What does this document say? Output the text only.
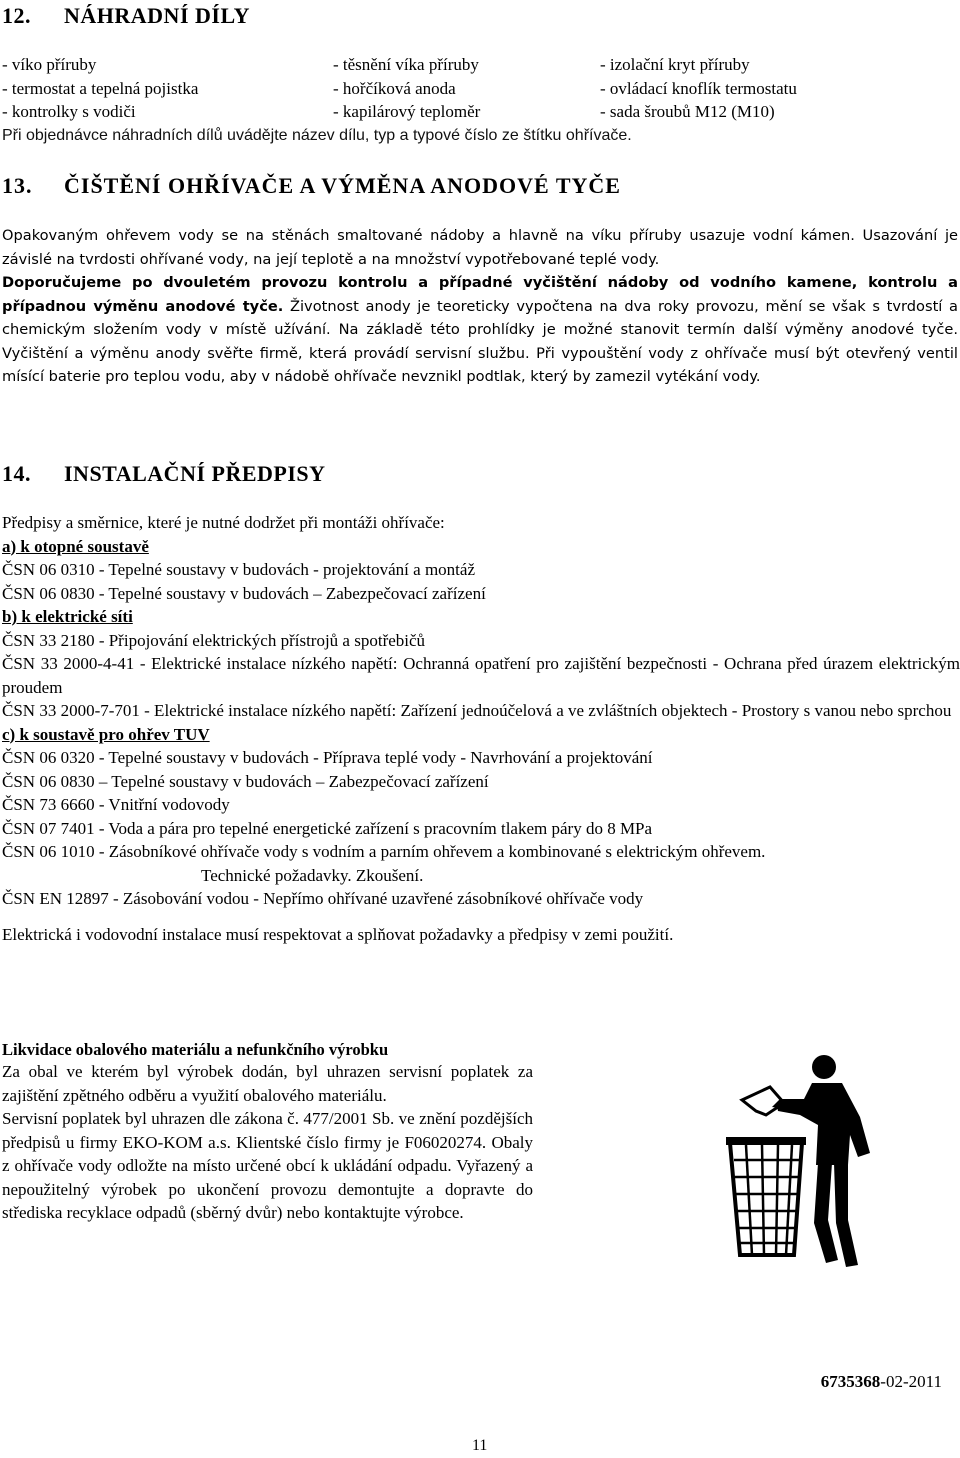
12. NÁHRADNÍ DÍLY
- víko příruby	- těsnění víka příruby	- izolační kryt příruby
- termostat a tepelná pojistka	- hořčíková anoda	- ovládací knoflík termostatu
- kontrolky s vodiči	- kapilárový teploměr	- sada šroubů M12 (M10)
Při objednávce náhradních dílů uvádějte název dílu, typ a typové číslo ze štítku ohřívače.
13. ČIŠTĚNÍ OHŘÍVAČE A VÝMĚNA ANODOVÉ TYČE
Opakovaným ohřevem vody se na stěnách smaltované nádoby a hlavně na víku příruby usazuje vodní kámen. Usazování je závislé na tvrdosti ohřívané vody, na její teplotě a na množství vypotřebované teplé vody.
Doporučujeme po dvouletém provozu kontrolu a případné vyčištění nádoby od vodního kamene, kontrolu a případnou výměnu anodové tyče. Životnost anody je teoreticky vypočtena na dva roky provozu, mění se však s tvrdostí a chemickým složením vody v místě užívání. Na základě této prohlídky je možné stanovit termín další výměny anodové tyče. Vyčištění a výměnu anody svěřte firmě, která provádí servisní službu. Při vypouštění vody z ohřívače musí být otevřený ventil mísící baterie pro teplou vodu, aby v nádobě ohřívače nevznikl podtlak, který by zamezil vytékání vody.
14. INSTALAČNÍ PŘEDPISY
Předpisy a směrnice, které je nutné dodržet při montáži ohřívače:
a) k otopné soustavě
ČSN 06 0310 - Tepelné soustavy v budovách - projektování a montáž
ČSN 06 0830 - Tepelné soustavy v budovách – Zabezpečovací zařízení
b) k elektrické síti
ČSN 33 2180 - Připojování elektrických přístrojů a spotřebičů
ČSN 33 2000-4-41 - Elektrické instalace nízkého napětí: Ochranná opatření pro zajištění bezpečnosti - Ochrana před úrazem elektrickým proudem
ČSN 33 2000-7-701 - Elektrické instalace nízkého napětí: Zařízení jednoúčelová a ve zvláštních objektech - Prostory s vanou nebo sprchou
c) k soustavě pro ohřev TUV
ČSN 06 0320 - Tepelné soustavy v budovách - Příprava teplé vody - Navrhování a projektování
ČSN 06 0830 – Tepelné soustavy v budovách – Zabezpečovací zařízení
ČSN 73 6660 - Vnitřní vodovody
ČSN 07 7401 - Voda a pára pro tepelné energetické zařízení s pracovním tlakem páry do 8 MPa
ČSN 06 1010 - Zásobníkové ohřívače vody s vodním a parním ohřevem a kombinované s elektrickým ohřevem.
Technické požadavky. Zkoušení.
ČSN EN 12897 - Zásobování vodou - Nepřímo ohřívané uzavřené zásobníkové ohřívače vody
Elektrická i vodovodní instalace musí respektovat a splňovat požadavky a předpisy v zemi použití.
Likvidace obalového materiálu a nefunkčního výrobku
Za obal ve kterém byl výrobek dodán, byl uhrazen servisní poplatek za zajištění zpětného odběru a využití obalového materiálu.
Servisní poplatek byl uhrazen dle zákona č. 477/2001 Sb. ve znění pozdějších předpisů u firmy EKO-KOM a.s. Klientské číslo firmy je F06020274. Obaly z ohřívače vody odložte na místo určené obcí k ukládání odpadu. Vyřazený a nepoužitelný výrobek po ukončení provozu demontujte a dopravte do střediska recyklace odpadů (sběrný dvůr) nebo kontaktujte výrobce.
6735368-02-2011
11
